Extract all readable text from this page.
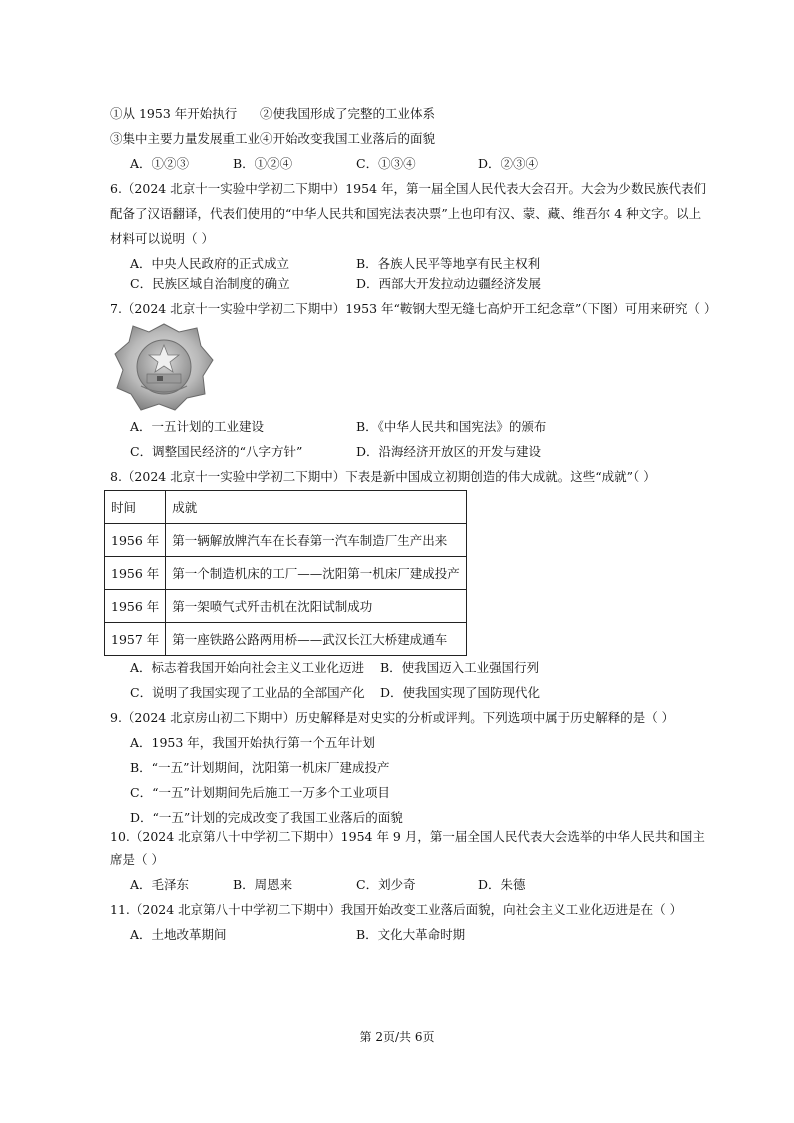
①从 1953 年开始执行 ②使我国形成了完整的工业体系
③集中主要力量发展重工业 ④开始改变我国工业落后的面貌
A．①②③	B．①②④	C．①③④	D．②③④
6.（2024 北京十一实验中学初二下期中）1954 年，第一届全国人民代表大会召开。大会为少数民族代表们
配备了汉语翻译，代表们使用的“中华人民共和国宪法表决票”上也印有汉、蒙、藏、维吾尔 4 种文字。以上
材料可以说明（ ）
A．中央人民政府的正式成立	B．各族人民平等地享有民主权利
C．民族区域自治制度的确立	D．西部大开发拉动边疆经济发展
7.（2024 北京十一实验中学初二下期中）1953 年“鞍钢大型无缝七高炉开工纪念章”（下图）可用来研究（ ）
A．一五计划的工业建设	B．《中华人民共和国宪法》的颁布
C．调整国民经济的“八字方针”	D．沿海经济开放区的开发与建设
8.（2024 北京十一实验中学初二下期中）下表是新中国成立初期创造的伟大成就。这些“成就”（ ）
时间	成就
1956 年	第一辆解放牌汽车在长春第一汽车制造厂生产出来
1956 年	第一个制造机床的工厂——沈阳第一机床厂建成投产
1956 年	第一架喷气式歼击机在沈阳试制成功
1957 年	第一座铁路公路两用桥——武汉长江大桥建成通车
A．标志着我国开始向社会主义工业化迈进 B．使我国迈入工业强国行列
C．说明了我国实现了工业品的全部国产化 D．使我国实现了国防现代化
9.（2024 北京房山初二下期中）历史解释是对史实的分析或评判。下列选项中属于历史解释的是（ ）
A．1953 年，我国开始执行第一个五年计划
B．“一五”计划期间，沈阳第一机床厂建成投产
C．“一五”计划期间先后施工一万多个工业项目
D．“一五”计划的完成改变了我国工业落后的面貌
10.（2024 北京第八十中学初二下期中）1954 年 9 月，第一届全国人民代表大会选举的中华人民共和国主
席是（ ）
A．毛泽东	B．周恩来	C．刘少奇	D．朱德
11.（2024 北京第八十中学初二下期中）我国开始改变工业落后面貌，向社会主义工业化迈进是在（ ）
A．土地改革期间	B．文化大革命时期
第 2页/共 6页
